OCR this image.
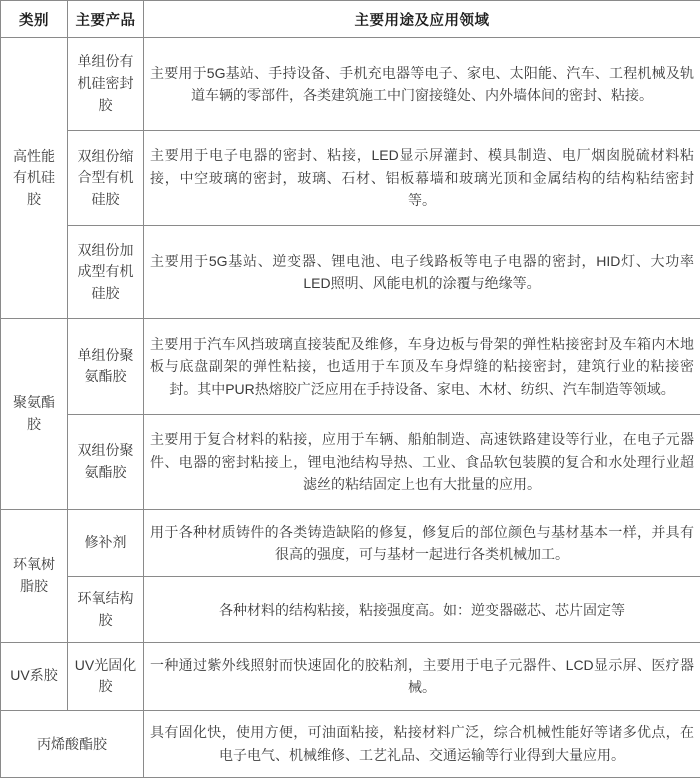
类别	主要产品	主要用途及应用领域
高性能有机硅胶	单组份有机硅密封胶	主要用于5G基站、手持设备、手机充电器等电子、家电、太阳能、汽车、工程机械及轨道车辆的零部件，各类建筑施工中门窗接缝处、内外墙体间的密封、粘接。

	双组份缩合型有机硅胶	主要用于电子电器的密封、粘接，LED显示屏灌封、模具制造、电厂烟囱脱硫材料粘接，中空玻璃的密封，玻璃、石材、铝板幕墙和玻璃光顶和金属结构的结构粘结密封等。

	双组份加成型有机硅胶	主要用于5G基站、逆变器、锂电池、电子线路板等电子电器的密封，HID灯、大功率LED照明、风能电机的涂覆与绝缘等。

聚氨酯胶	单组份聚氨酯胶	主要用于汽车风挡玻璃直接装配及维修，车身边板与骨架的弹性粘接密封及车箱内木地板与底盘副架的弹性粘接，也适用于车顶及车身焊缝的粘接密封，建筑行业的粘接密封。其中PUR热熔胶广泛应用在手持设备、家电、木材、纺织、汽车制造等领域。

	双组份聚氨酯胶	主要用于复合材料的粘接，应用于车辆、船舶制造、高速铁路建设等行业，在电子元器件、电器的密封粘接上，锂电池结构导热、工业、食品软包装膜的复合和水处理行业超滤丝的粘结固定上也有大批量的应用。

环氧树脂胶	修补剂	用于各种材质铸件的各类铸造缺陷的修复，修复后的部位颜色与基材基本一样，并具有很高的强度，可与基材一起进行各类机械加工。

	环氧结构胶	各种材料的结构粘接，粘接强度高。如：逆变器磁芯、芯片固定等

UV系胶	UV光固化胶	一种通过紫外线照射而快速固化的胶粘剂，主要用于电子元器件、LCD显示屏、医疗器械。

丙烯酸酯胶		具有固化快，使用方便，可油面粘接，粘接材料广泛，综合机械性能好等诸多优点，在电子电气、机械维修、工艺礼品、交通运输等行业得到大量应用。
